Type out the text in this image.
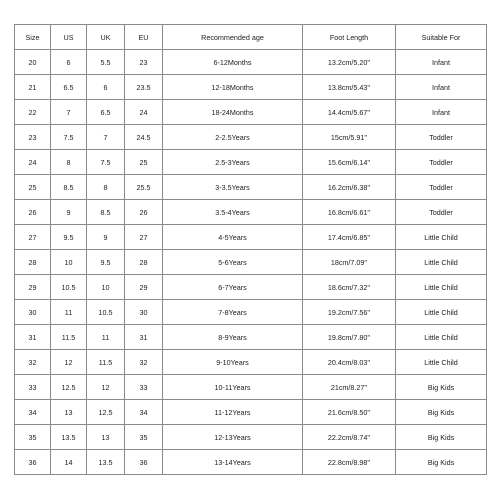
Size	US	UK	EU	Recommended age	Foot Length	Suitable For
20	6	5.5	23	6-12Months	13.2cm/5.20''	Infant
21	6.5	6	23.5	12-18Months	13.8cm/5.43''	Infant
22	7	6.5	24	18-24Months	14.4cm/5.67''	Infant
23	7.5	7	24.5	2-2.5Years	15cm/5.91''	Toddler
24	8	7.5	25	2.5-3Years	15.6cm/6.14''	Toddler
25	8.5	8	25.5	3-3.5Years	16.2cm/6.38''	Toddler
26	9	8.5	26	3.5-4Years	16.8cm/6.61''	Toddler
27	9.5	9	27	4-5Years	17.4cm/6.85''	Little Child
28	10	9.5	28	5-6Years	18cm/7.09''	Little Child
29	10.5	10	29	6-7Years	18.6cm/7.32''	Little Child
30	11	10.5	30	7-8Years	19.2cm/7.56''	Little Child
31	11.5	11	31	8-9Years	19.8cm/7.80''	Little Child
32	12	11.5	32	9-10Years	20.4cm/8.03''	Little Child
33	12.5	12	33	10-11Years	21cm/8.27''	Big Kids
34	13	12.5	34	11-12Years	21.6cm/8.50''	Big Kids
35	13.5	13	35	12-13Years	22.2cm/8.74''	Big Kids
36	14	13.5	36	13-14Years	22.8cm/8.98''	Big Kids
